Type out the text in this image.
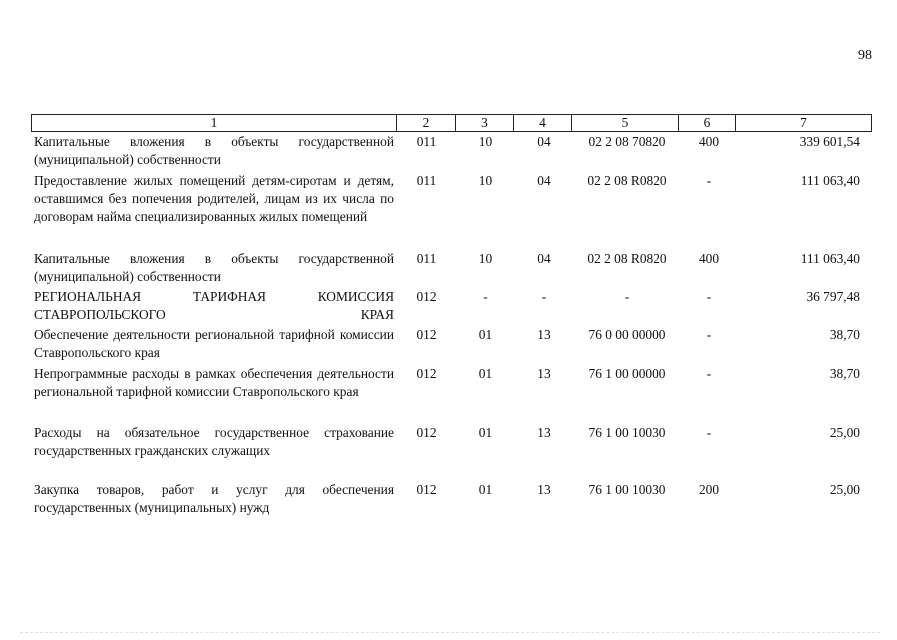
98
1	2	3	4	5	6	7
Капитальные вложения в объекты государственной (муниципальной) собственности
011	10	04	02 2 08 70820	400	339 601,54
Предоставление жилых помещений детям-сиротам и детям, оставшимся без попечения родителей, лицам из их числа по договорам найма специализированных жилых помещений
011	10	04	02 2 08 R0820	-	111 063,40
Капитальные вложения в объекты государственной (муниципальной) собственности
011	10	04	02 2 08 R0820	400	111 063,40
РЕГИОНАЛЬНАЯ ТАРИФНАЯ КОМИССИЯ СТАВРОПОЛЬСКОГО КРАЯ
012	-	-	-	-	36 797,48
Обеспечение деятельности региональной тарифной комиссии Ставропольского края
012	01	13	76 0 00 00000	-	38,70
Непрограммные расходы в рамках обеспечения деятельности региональной тарифной комиссии Ставропольского края
012	01	13	76 1 00 00000	-	38,70
Расходы на обязательное государственное страхование государственных гражданских служащих
012	01	13	76 1 00 10030	-	25,00
Закупка товаров, работ и услуг для обеспечения государственных (муниципальных) нужд
012	01	13	76 1 00 10030	200	25,00
